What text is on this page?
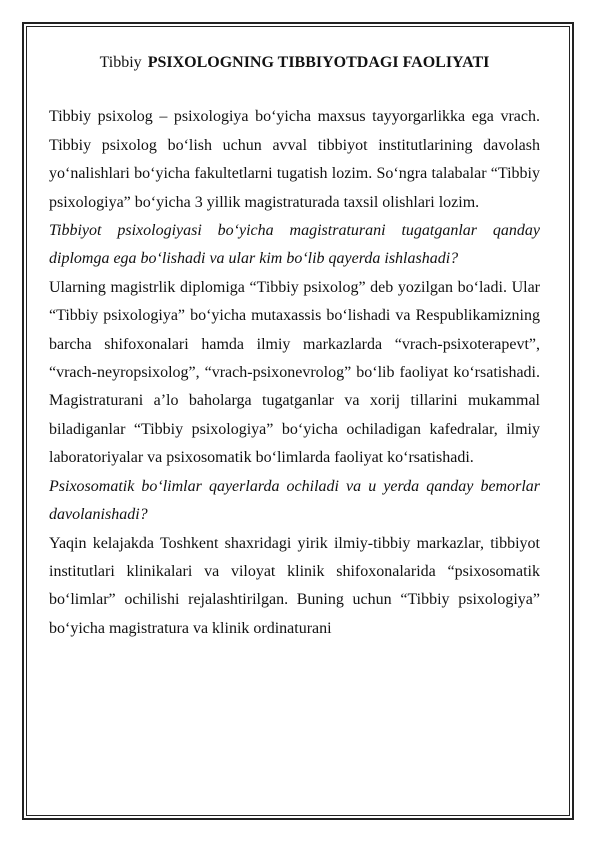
Tibbiy PSIXOLOGNING TIBBIYOTDAGI FAOLIYATI

Tibbiy psixolog – psixologiya bo‘yicha maxsus tayyorgarlikka ega vrach. Tibbiy psixolog bo‘lish uchun avval tibbiyot institutlarining davolash yo‘nalishlari bo‘yicha fakultetlarni tugatish lozim. So‘ngra talabalar “Tibbiy psixologiya” bo‘yicha 3 yillik magistraturada taxsil olishlari lozim.

Tibbiyot psixologiyasi bo‘yicha magistraturani tugatganlar qanday diplomga ega bo‘lishadi va ular kim bo‘lib qayerda ishlashadi?

Ularning magistrlik diplomiga “Tibbiy psixolog” deb yozilgan bo‘ladi. Ular “Tibbiy psixologiya” bo‘yicha mutaxassis bo‘lishadi va Respublikamizning barcha shifoxonalari hamda ilmiy markazlarda “vrach-psixoterapevt”, “vrach-neyropsixolog”, “vrach-psixonevrolog” bo‘lib faoliyat ko‘rsatishadi. Magistraturani a’lo baholarga tugatganlar va xorij tillarini mukammal biladiganlar “Tibbiy psixologiya” bo‘yicha ochiladigan kafedralar, ilmiy laboratoriyalar va psixosomatik bo‘limlarda faoliyat ko‘rsatishadi.

Psixosomatik bo‘limlar qayerlarda ochiladi va u yerda qanday bemorlar davolanishadi?

Yaqin kelajakda Toshkent shaxridagi yirik ilmiy-tibbiy markazlar, tibbiyot institutlari klinikalari va viloyat klinik shifoxonalarida “psixosomatik bo‘limlar” ochilishi rejalashtirilgan. Buning uchun “Tibbiy psixologiya” bo‘yicha magistratura va klinik ordinaturani
